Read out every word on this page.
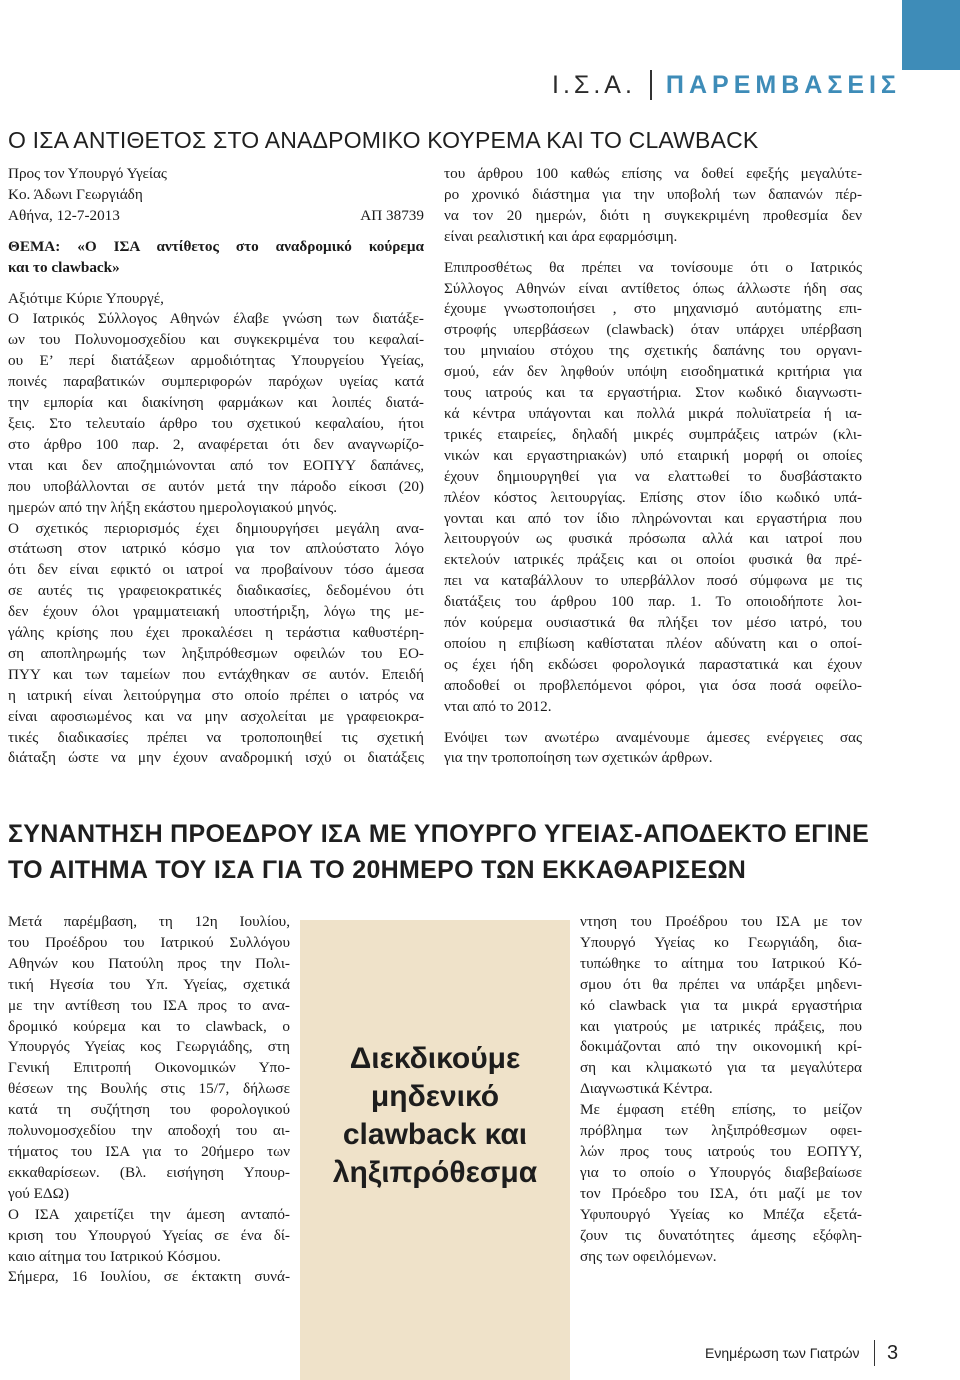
Ι.Σ.Α. ΠΑΡΕΜΒΑΣΕΙΣ
Ο ΙΣΑ ΑΝΤΙΘΕΤΟΣ ΣΤΟ ΑΝΑΔΡΟΜΙΚΟ ΚΟΥΡΕΜΑ ΚΑΙ ΤΟ CLAWBACK
Προς τον Υπουργό Υγείας
Κο. Άδωνι Γεωργιάδη
Αθήνα, 12-7-2013	ΑΠ 38739
ΘΕΜΑ: «Ο ΙΣΑ αντίθετος στο αναδρομικό κούρεμα
και το clawback»
Αξιότιμε Κύριε Υπουργέ,
Ο Ιατρικός Σύλλογος Αθηνών έλαβε γνώση των διατάξε-
ων του Πολυνομοσχεδίου και συγκεκριμένα του κεφαλαί-
ου Ε’ περί διατάξεων αρμοδιότητας Υπουργείου Υγείας,
ποινές παραβατικών συμπεριφορών παρόχων υγείας κατά
την εμπορία και διακίνηση φαρμάκων και λοιπές διατά-
ξεις. Στο τελευταίο άρθρο του σχετικού κεφαλαίου, ήτοι
στο άρθρο 100 παρ. 2, αναφέρεται ότι δεν αναγνωρίζο-
νται και δεν αποζημιώνονται από τον ΕΟΠΥΥ δαπάνες,
που υποβάλλονται σε αυτόν μετά την πάροδο είκοσι (20)
ημερών από την λήξη εκάστου ημερολογιακού μηνός.
Ο σχετικός περιορισμός έχει δημιουργήσει μεγάλη ανα-
στάτωση στον ιατρικό κόσμο για τον απλούστατο λόγο
ότι δεν είναι εφικτό οι ιατροί να προβαίνουν τόσο άμεσα
σε αυτές τις γραφειοκρατικές διαδικασίες, δεδομένου ότι
δεν έχουν όλοι γραμματειακή υποστήριξη, λόγω της με-
γάλης κρίσης που έχει προκαλέσει η τεράστια καθυστέρη-
ση αποπληρωμής των ληξιπρόθεσμων οφειλών του ΕΟ-
ΠΥΥ και των ταμείων που εντάχθηκαν σε αυτόν. Επειδή
η ιατρική είναι λειτούργημα στο οποίο πρέπει ο ιατρός να
είναι αφοσιωμένος και να μην ασχολείται με γραφειοκρα-
τικές διαδικασίες πρέπει να τροποποιηθεί τις σχετική
διάταξη ώστε να μην έχουν αναδρομική ισχύ οι διατάξεις
του άρθρου 100 καθώς επίσης να δοθεί εφεξής μεγαλύτε-
ρο χρονικό διάστημα για την υποβολή των δαπανών πέρ-
να τον 20 ημερών, διότι η συγκεκριμένη προθεσμία δεν
είναι ρεαλιστική και άρα εφαρμόσιμη.
Επιπροσθέτως θα πρέπει να τονίσουμε ότι ο Ιατρικός
Σύλλογος Αθηνών είναι αντίθετος όπως άλλωστε ήδη σας
έχουμε γνωστοποιήσει , στο μηχανισμό αυτόματης επι-
στροφής υπερβάσεων (clawback) όταν υπάρχει υπέρβαση
του μηνιαίου στόχου της σχετικής δαπάνης του οργανι-
σμού, εάν δεν ληφθούν υπόψη εισοδηματικά κριτήρια για
τους ιατρούς και τα εργαστήρια. Στον κωδικό διαγνωστι-
κά κέντρα υπάγονται και πολλά μικρά πολυϊατρεία ή ια-
τρικές εταιρείες, δηλαδή μικρές συμπράξεις ιατρών (κλι-
νικών και εργαστηριακών) υπό εταιρική μορφή οι οποίες
έχουν δημιουργηθεί για να ελαττωθεί το δυσβάστακτο
πλέον κόστος λειτουργίας. Επίσης στον ίδιο κωδικό υπά-
γονται και από τον ίδιο πληρώνονται και εργαστήρια που
λειτουργούν ως φυσικά πρόσωπα αλλά και ιατροί που
εκτελούν ιατρικές πράξεις και οι οποίοι φυσικά θα πρέ-
πει να καταβάλλουν το υπερβάλλον ποσό σύμφωνα με τις
διατάξεις του άρθρου 100 παρ. 1. Το οποιοδήποτε λοι-
πόν κούρεμα ουσιαστικά θα πλήξει τον μέσο ιατρό, του
οποίου η επιβίωση καθίσταται πλέον αδύνατη και ο οποί-
ος έχει ήδη εκδώσει φορολογικά παραστατικά και έχουν
αποδοθεί οι προβλεπόμενοι φόροι, για όσα ποσά οφείλο-
νται από το 2012.
Ενόψει των ανωτέρω αναμένουμε άμεσες ενέργειες σας
για την τροποποίηση των σχετικών άρθρων.
ΣΥΝΑΝΤΗΣΗ ΠΡΟΕΔΡΟΥ ΙΣΑ ΜΕ ΥΠΟΥΡΓΟ ΥΓΕΙΑΣ-ΑΠΟΔΕΚΤΟ ΕΓΙΝΕ
ΤΟ ΑΙΤΗΜΑ ΤΟΥ ΙΣΑ ΓΙΑ ΤΟ 20ΗΜΕΡΟ ΤΩΝ ΕΚΚΑΘΑΡΙΣΕΩΝ
Μετά παρέμβαση, τη 12η Ιουλίου,
του Προέδρου του Ιατρικού Συλλόγου
Αθηνών κου Πατούλη προς την Πολι-
τική Ηγεσία του Υπ. Υγείας, σχετικά
με την αντίθεση του ΙΣΑ προς το ανα-
δρομικό κούρεμα και το clawback, ο
Υπουργός Υγείας κος Γεωργιάδης, στη
Γενική Επιτροπή Οικονομικών Υπο-
θέσεων της Βουλής στις 15/7, δήλωσε
κατά τη συζήτηση του φορολογικού
πολυνομοσχεδίου την αποδοχή του αι-
τήματος του ΙΣΑ για το 20ήμερο των
εκκαθαρίσεων. (Βλ. εισήγηση Υπουρ-
γού ΕΔΩ)
Ο ΙΣΑ χαιρετίζει την άμεση ανταπό-
κριση του Υπουργού Υγείας σε ένα δί-
καιο αίτημα του Ιατρικού Κόσμου.
Σήμερα, 16 Ιουλίου, σε έκτακτη συνά-
Διεκδικούμε
μηδενικό
clawback και
ληξιπρόθεσμα
ντηση του Προέδρου του ΙΣΑ με τον
Υπουργό Υγείας κο Γεωργιάδη, δια-
τυπώθηκε το αίτημα του Ιατρικού Κό-
σμου ότι θα πρέπει να υπάρξει μηδενι-
κό clawback για τα μικρά εργαστήρια
και γιατρούς με ιατρικές πράξεις, που
δοκιμάζονται από την οικονομική κρί-
ση και κλιμακωτό για τα μεγαλύτερα
Διαγνωστικά Κέντρα.
Με έμφαση ετέθη επίσης, το μείζον
πρόβλημα των ληξιπρόθεσμων οφει-
λών προς τους ιατρούς του ΕΟΠΥΥ,
για το οποίο ο Υπουργός διαβεβαίωσε
τον Πρόεδρο του ΙΣΑ, ότι μαζί με τον
Υφυπουργό Υγείας κο Μπέζα εξετά-
ζουν τις δυνατότητες άμεσης εξόφλη-
σης των οφειλόμενων.
Ενημέρωση των Γιατρών 3
